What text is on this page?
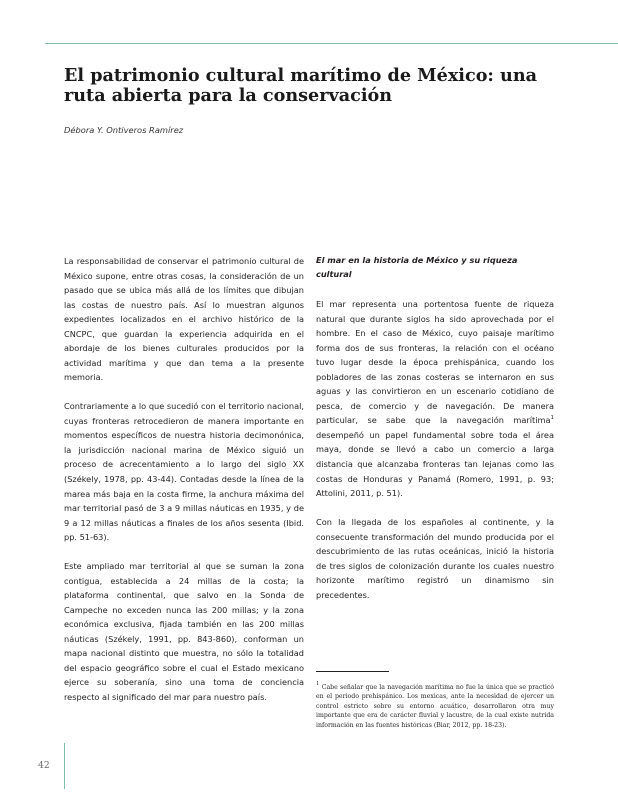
El patrimonio cultural marítimo de México: una ruta abierta para la conservación
Débora Y. Ontiveros Ramírez

La responsabilidad de conservar el patrimonio cultural de México supone, entre otras cosas, la consideración de un pasado que se ubica más allá de los límites que dibujan las costas de nuestro país. Así lo muestran algunos expedientes localizados en el archivo histórico de la CNCPC, que guardan la experiencia adquirida en el abordaje de los bienes culturales producidos por la actividad marítima y que dan tema a la presente memoria.

Contrariamente a lo que sucedió con el territorio nacional, cuyas fronteras retrocedieron de manera importante en momentos específicos de nuestra historia decimonónica, la jurisdicción nacional marina de México siguió un proceso de acrecentamiento a lo largo del siglo XX (Székely, 1978, pp. 43-44). Contadas desde la línea de la marea más baja en la costa firme, la anchura máxima del mar territorial pasó de 3 a 9 millas náuticas en 1935, y de 9 a 12 millas náuticas a finales de los años sesenta (Ibid. pp. 51-63).

Este ampliado mar territorial al que se suman la zona contigua, establecida a 24 millas de la costa; la plataforma continental, que salvo en la Sonda de Campeche no exceden nunca las 200 millas; y la zona económica exclusiva, fijada también en las 200 millas náuticas (Székely, 1991, pp. 843-860), conforman un mapa nacional distinto que muestra, no sólo la totalidad del espacio geográfico sobre el cual el Estado mexicano ejerce su soberanía, sino una toma de conciencia respecto al significado del mar para nuestro país.

El mar en la historia de México y su riqueza cultural

El mar representa una portentosa fuente de riqueza natural que durante siglos ha sido aprovechada por el hombre. En el caso de México, cuyo paisaje marítimo forma dos de sus fronteras, la relación con el océano tuvo lugar desde la época prehispánica, cuando los pobladores de las zonas costeras se internaron en sus aguas y las convirtieron en un escenario cotidiano de pesca, de comercio y de navegación. De manera particular, se sabe que la navegación marítima$^1$ desempeñó un papel fundamental sobre toda el área maya, donde se llevó a cabo un comercio a larga distancia que alcanzaba fronteras tan lejanas como las costas de Honduras y Panamá (Romero, 1991, p. 93; Attolini, 2011, p. 51).

Con la llegada de los españoles al continente, y la consecuente transformación del mundo producida por el descubrimiento de las rutas oceánicas, inició la historia de tres siglos de colonización durante los cuales nuestro horizonte marítimo registró un dinamismo sin precedentes.

$^1$ Cabe señalar que la navegación marítima no fue la única que se practicó en el periodo prehispánico. Los mexicas, ante la necesidad de ejercer un control estricto sobre su entorno acuático, desarrollaron otra muy importante que era de carácter fluvial y lacustre, de la cual existe nutrida información en las fuentes históricas (Biar, 2012, pp. 18-23).

42
